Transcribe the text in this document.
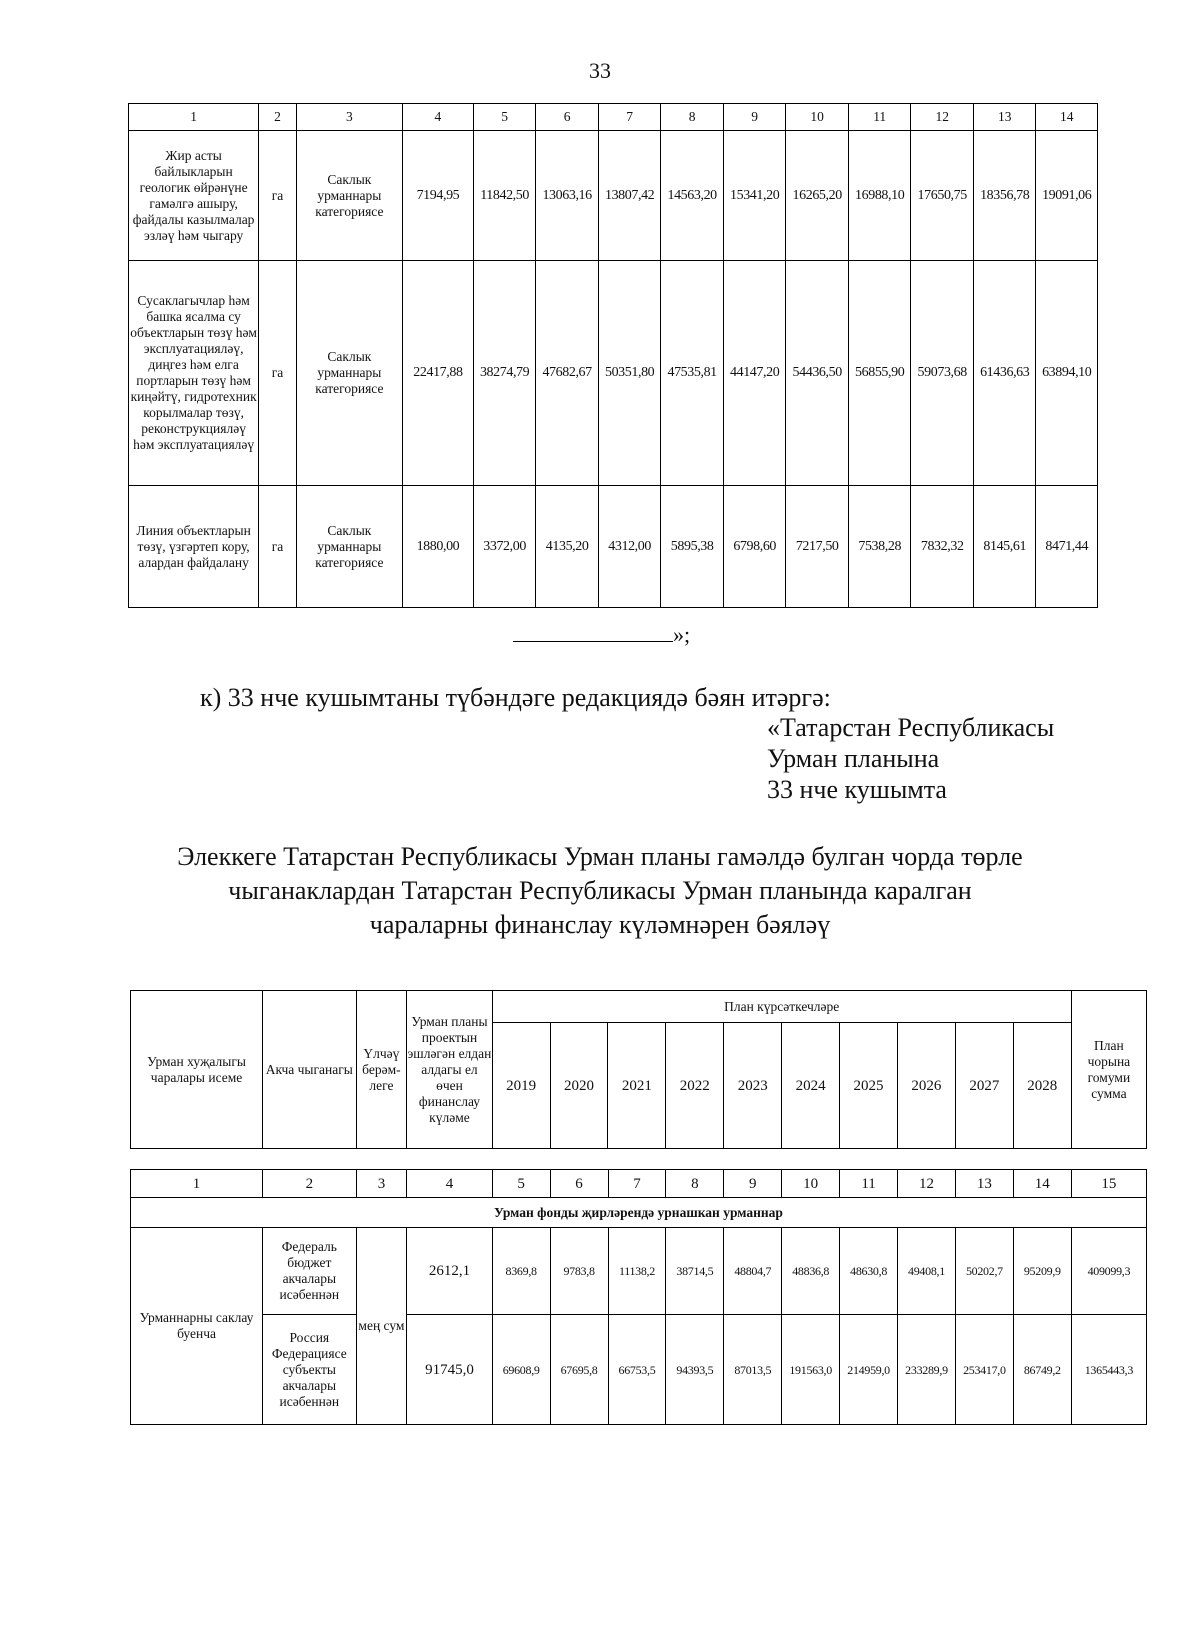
33
1	2	3	4	5	6	7	8	9	10	11	12	13	14
Жир асты байлыкларын геологик өйрәнүне гамәлгә ашыру, файдалы казылмалар эзләү һәм чыгару	га	Саклык урманнары категориясе	7194,95	11842,50	13063,16	13807,42	14563,20	15341,20	16265,20	16988,10	17650,75	18356,78	19091,06
Сусаклагычлар һәм башка ясалма су объектларын төзү һәм эксплуатацияләү, диңгез һәм елга портларын төзү һәм киңәйтү, гидротехник корылмалар төзү, реконструкцияләү һәм эксплуатацияләү	га	Саклык урманнары категориясе	22417,88	38274,79	47682,67	50351,80	47535,81	44147,20	54436,50	56855,90	59073,68	61436,63	63894,10
Линия объектларын төзү, үзгәртеп кору, алардан файдалану	га	Саклык урманнары категориясе	1880,00	3372,00	4135,20	4312,00	5895,38	6798,60	7217,50	7538,28	7832,32	8145,61	8471,44
»;
к) 33 нче кушымтаны түбәндәге редакциядә бәян итәргә:
«Татарстан Республикасы
Урман планына
33 нче кушымта
Элеккеге Татарстан Республикасы Урман планы гамәлдә булган чорда төрле
чыганаклардан Татарстан Республикасы Урман планында каралган
чараларны финанслау күләмнәрен бәяләү
Урман хуҗалыгы чаралары исеме	Акча чыганагы	Үлчәү берәм-леге	Урман планы проектын эшләгән елдан алдагы ел өчен финанслау күләме	План күрсәткечләре										План чорына гомуми сумма
				2019	2020	2021	2022	2023	2024	2025	2026	2027	2028	
1	2	3	4	5	6	7	8	9	10	11	12	13	14	15
Урман фонды җирләрендә урнашкан урманнар														
Урманнарны саклау буенча	Федераль бюджет акчалары исәбеннән	мең сум	2612,1	8369,8	9783,8	11138,2	38714,5	48804,7	48836,8	48630,8	49408,1	50202,7	95209,9	409099,3
	Россия Федерациясе субъекты акчалары исәбеннән		91745,0	69608,9	67695,8	66753,5	94393,5	87013,5	191563,0	214959,0	233289,9	253417,0	86749,2	1365443,3
